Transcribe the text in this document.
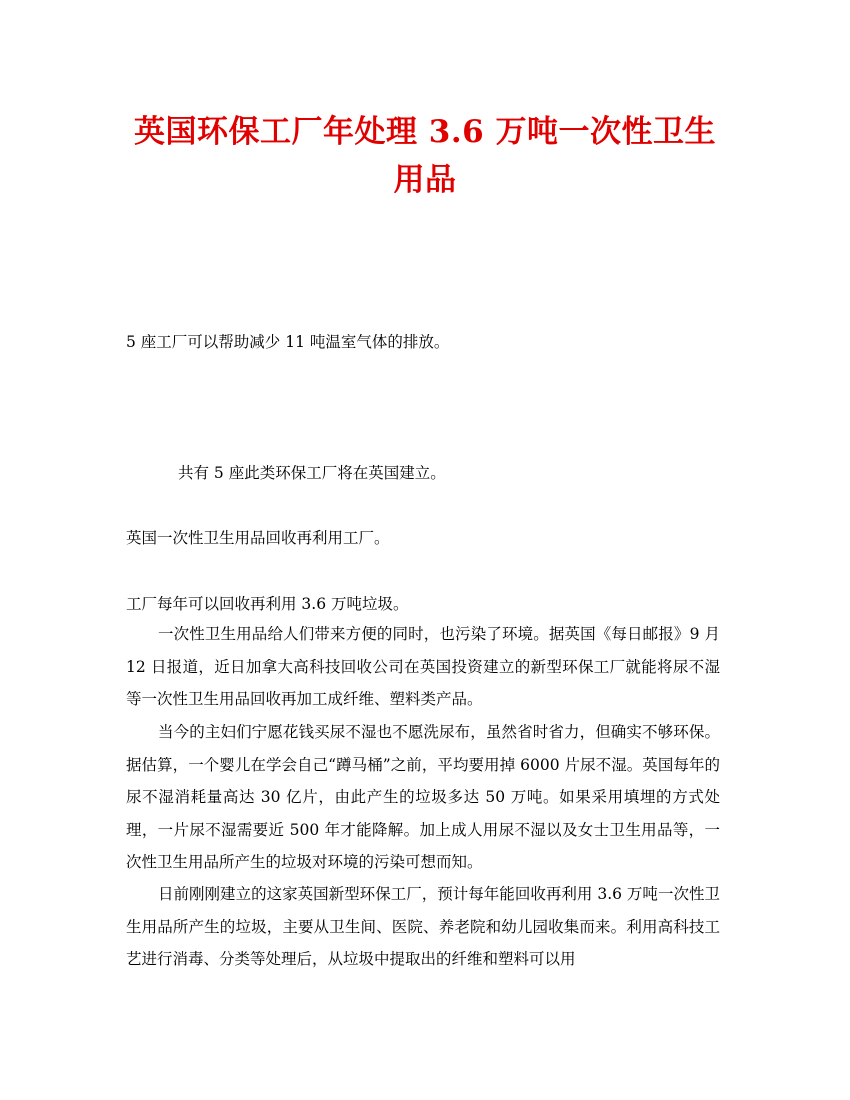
英国环保工厂年处理 3.6 万吨一次性卫生用品

5 座工厂可以帮助减少 11 吨温室气体的排放。

共有 5 座此类环保工厂将在英国建立。

英国一次性卫生用品回收再利用工厂。

工厂每年可以回收再利用 3.6 万吨垃圾。

一次性卫生用品给人们带来方便的同时，也污染了环境。据英国《每日邮报》9 月 12 日报道，近日加拿大高科技回收公司在英国投资建立的新型环保工厂就能将尿不湿等一次性卫生用品回收再加工成纤维、塑料类产品。

当今的主妇们宁愿花钱买尿不湿也不愿洗尿布，虽然省时省力，但确实不够环保。据估算，一个婴儿在学会自己“蹲马桶”之前，平均要用掉 6000 片尿不湿。英国每年的尿不湿消耗量高达 30 亿片，由此产生的垃圾多达 50 万吨。如果采用填埋的方式处理，一片尿不湿需要近 500 年才能降解。加上成人用尿不湿以及女士卫生用品等，一次性卫生用品所产生的垃圾对环境的污染可想而知。

日前刚刚建立的这家英国新型环保工厂，预计每年能回收再利用 3.6 万吨一次性卫生用品所产生的垃圾，主要从卫生间、医院、养老院和幼儿园收集而来。利用高科技工艺进行消毒、分类等处理后，从垃圾中提取出的纤维和塑料可以用
